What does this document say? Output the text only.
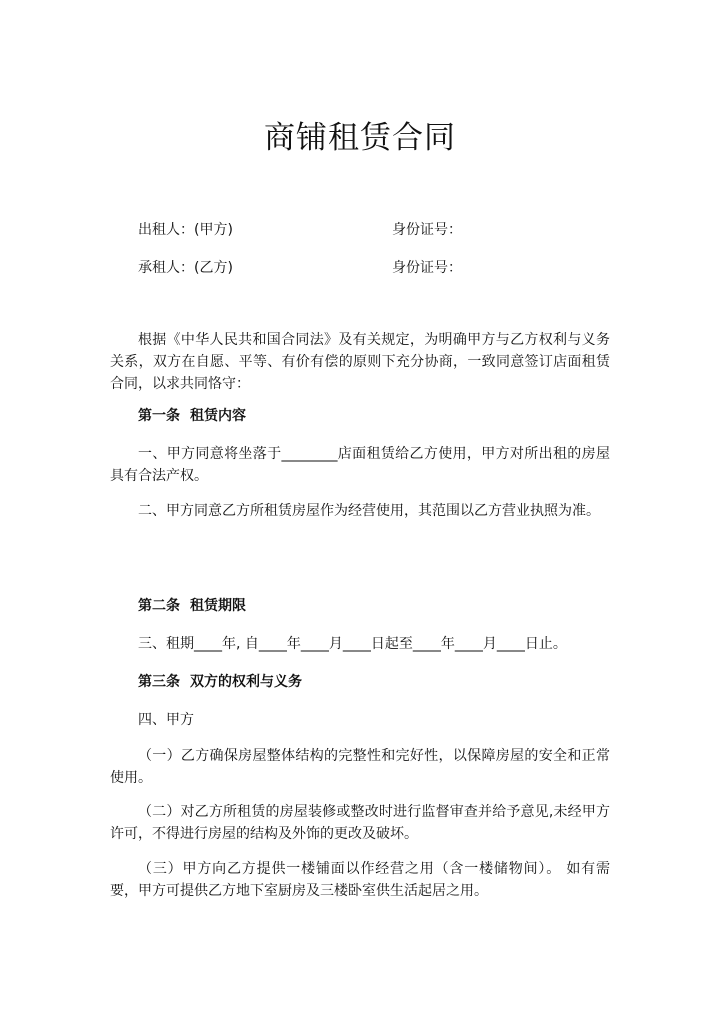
商铺租赁合同
出租人：(甲方)	身份证号：
承租人：(乙方)	身份证号：
根据《中华人民共和国合同法》及有关规定，为明确甲方与乙方权利与义务关系，双方在自愿、平等、有价有偿的原则下充分协商，一致同意签订店面租赁合同，以求共同恪守：
第一条 租赁内容
一、甲方同意将坐落于________店面租赁给乙方使用，甲方对所出租的房屋具有合法产权。
二、甲方同意乙方所租赁房屋作为经营使用，其范围以乙方营业执照为准。
第二条 租赁期限
三、租期____年, 自____年____月____日起至____年____月____日止。
第三条 双方的权利与义务
四、甲方
（一）乙方确保房屋整体结构的完整性和完好性，以保障房屋的安全和正常使用。
（二）对乙方所租赁的房屋装修或整改时进行监督审查并给予意见,未经甲方许可，不得进行房屋的结构及外饰的更改及破坏。
（三）甲方向乙方提供一楼铺面以作经营之用（含一楼储物间）。 如有需要，甲方可提供乙方地下室厨房及三楼卧室供生活起居之用。
